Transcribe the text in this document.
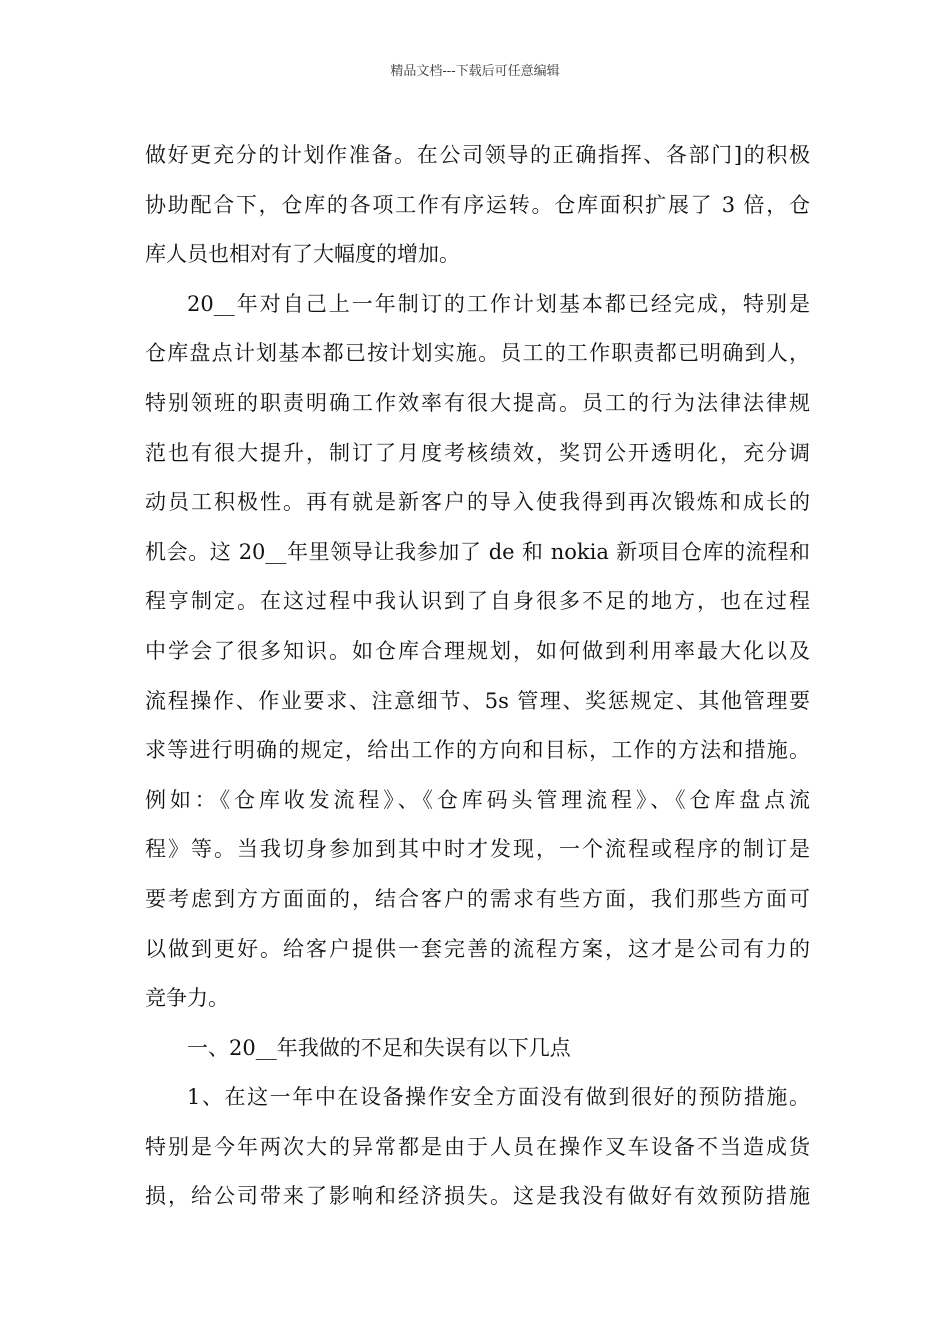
精品文档---下载后可任意编辑
做好更充分的计划作准备。在公司领导的正确指挥、各部门]的积极
协助配合下，仓库的各项工作有序运转。仓库面积扩展了 3 倍，仓
库人员也相对有了大幅度的增加。
20__年对自己上一年制订的工作计划基本都已经完成，特别是
仓库盘点计划基本都已按计划实施。员工的工作职责都已明确到人，
特别领班的职责明确工作效率有很大提高。员工的行为法律法律规
范也有很大提升，制订了月度考核绩效，奖罚公开透明化，充分调
动员工积极性。再有就是新客户的导入使我得到再次锻炼和成长的
机会。这 20__年里领导让我参加了 de 和 nokia 新项目仓库的流程和
程亨制定。在这过程中我认识到了自身很多不足的地方，也在过程
中学会了很多知识。如仓库合理规划，如何做到利用率最大化以及
流程操作、作业要求、注意细节、5s 管理、奖惩规定、其他管理要
求等进行明确的规定，给出工作的方向和目标，工作的方法和措施。
例如：《仓库收发流程》、《仓库码头管理流程》、《仓库盘点流
程》等。当我切身参加到其中时才发现，一个流程或程序的制订是
要考虑到方方面面的，结合客户的需求有些方面，我们那些方面可
以做到更好。给客户提供一套完善的流程方案，这才是公司有力的
竞争力。
一、20__年我做的不足和失误有以下几点
1、在这一年中在设备操作安全方面没有做到很好的预防措施。
特别是今年两次大的异常都是由于人员在操作叉车设备不当造成货
损，给公司带来了影响和经济损失。这是我没有做好有效预防措施
